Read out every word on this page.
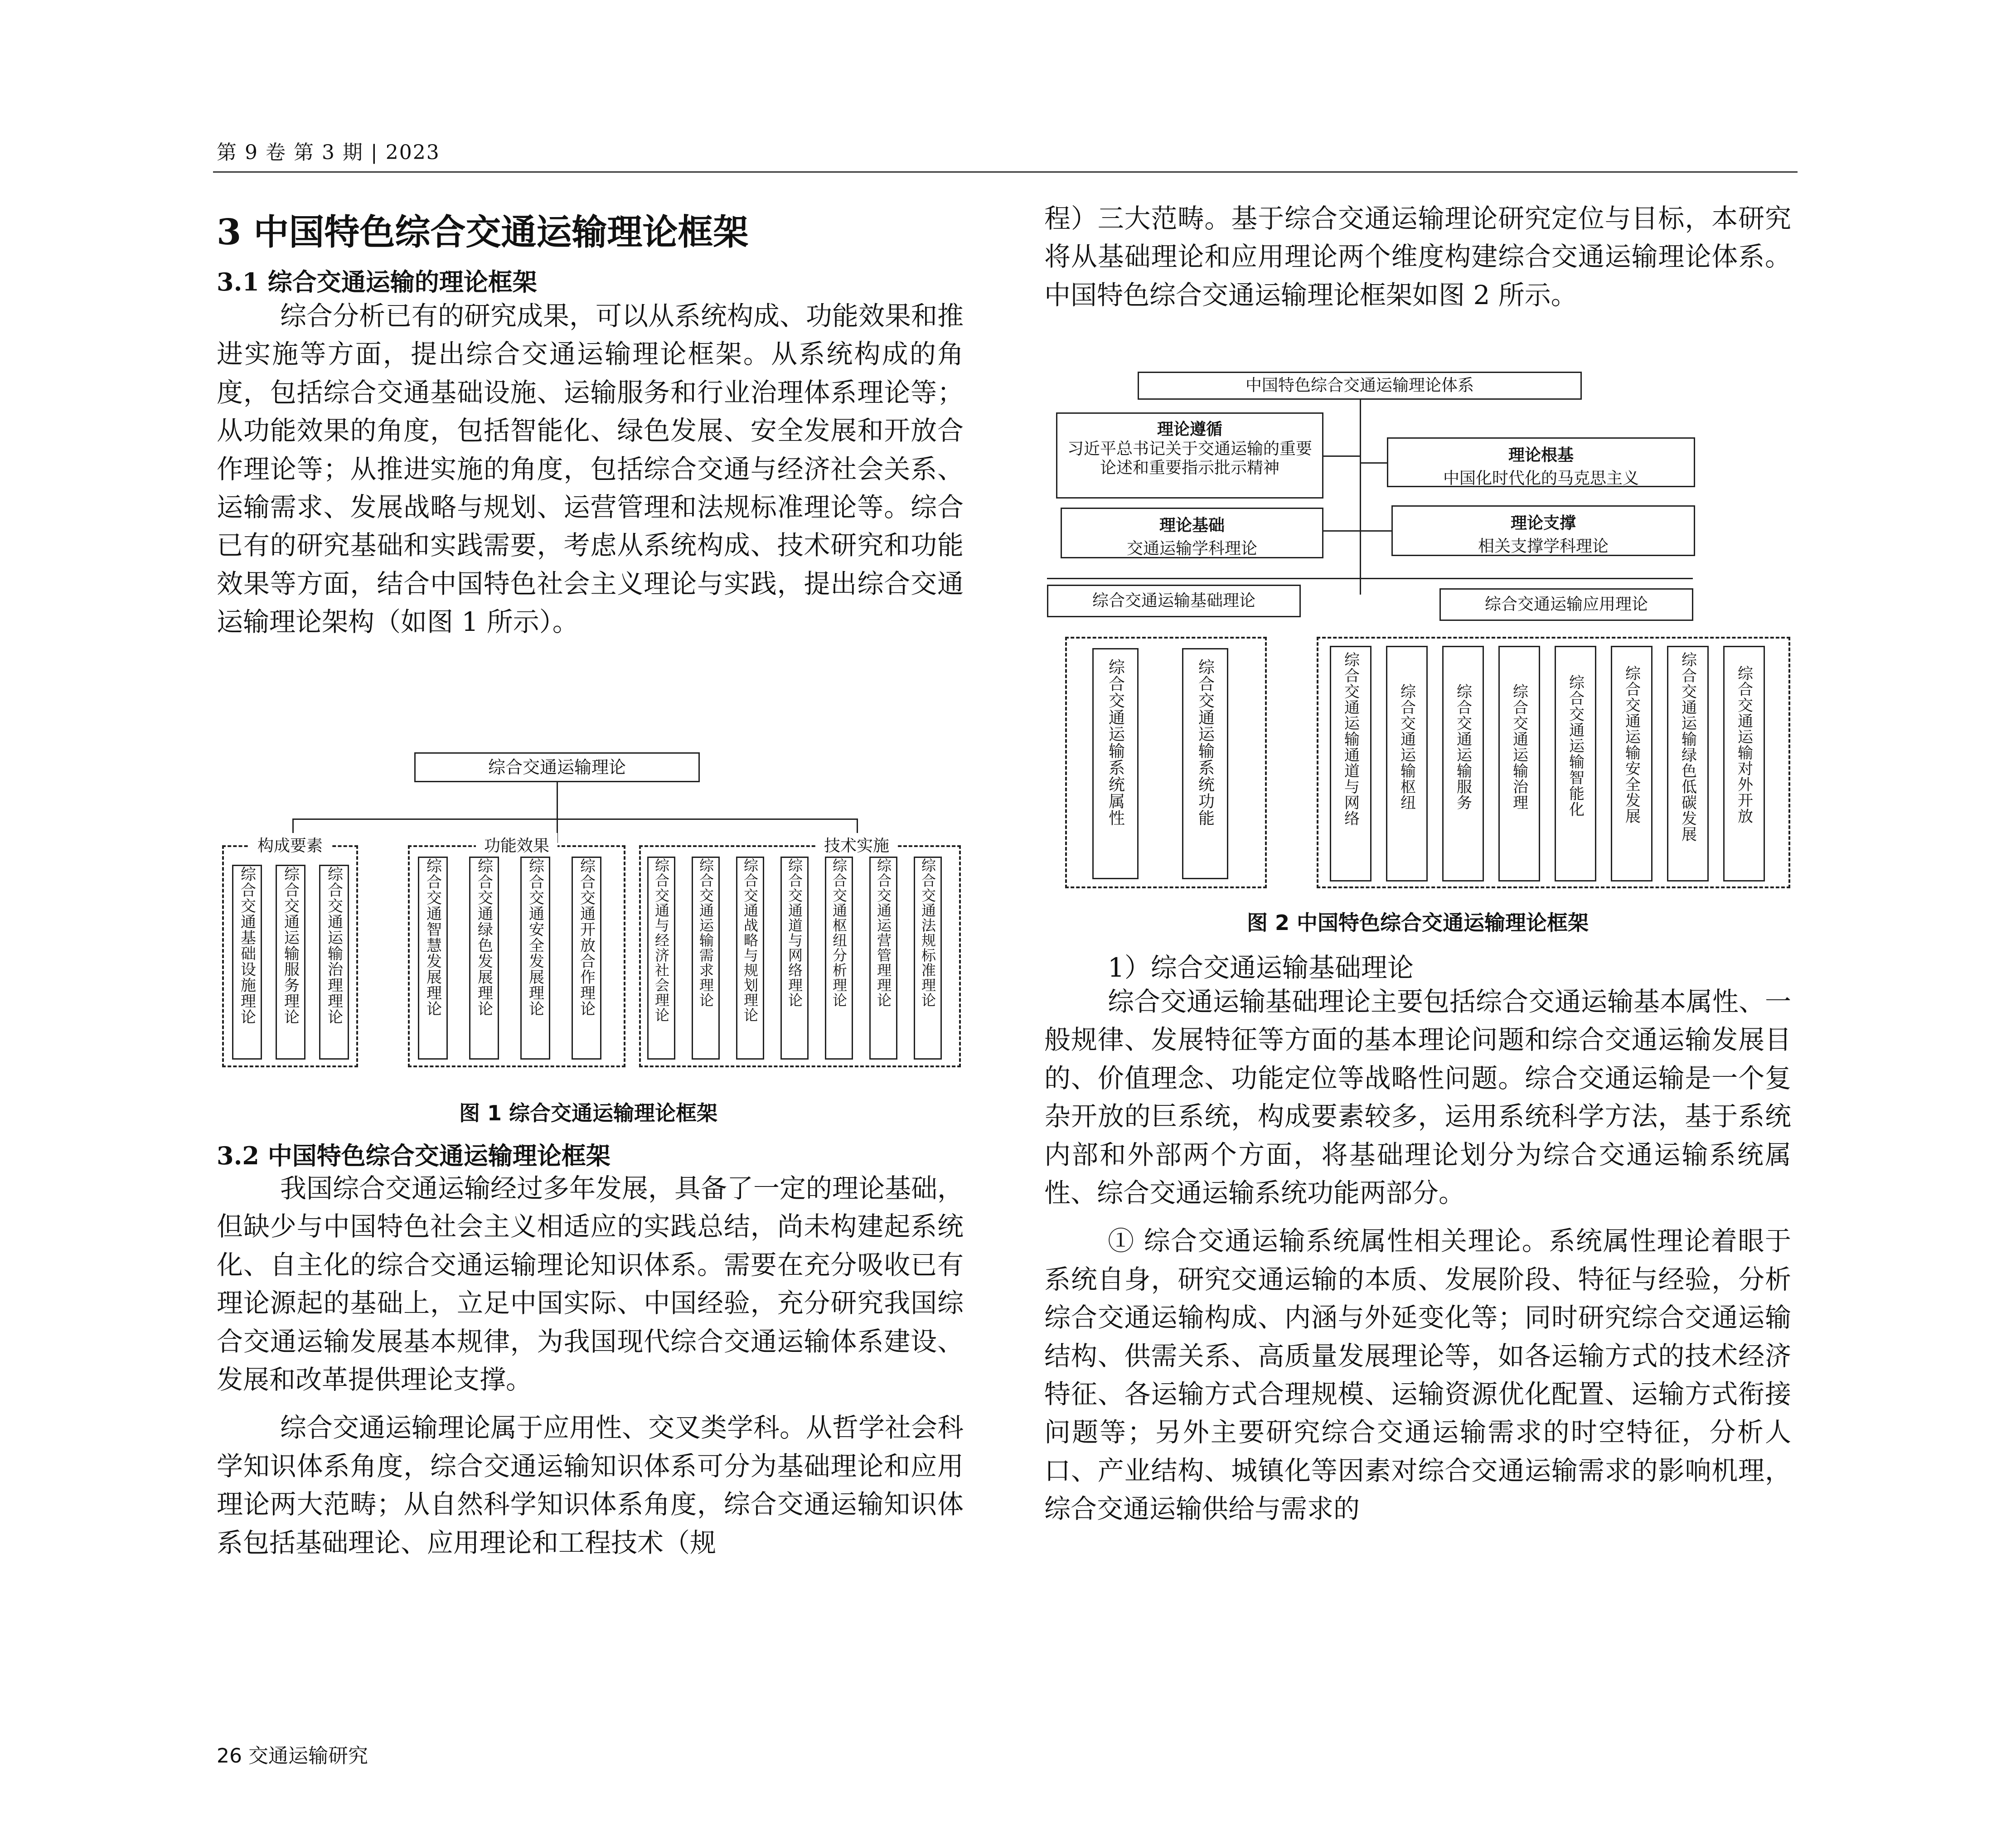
第 9 卷 第 3 期 | 2023
3 中国特色综合交通运输理论框架
3.1 综合交通运输的理论框架

综合分析已有的研究成果，可以从系统构成、功能效果和推进实施等方面，提出综合交通运输理论框架。从系统构成的角度，包括综合交通基础设施、运输服务和行业治理体系理论等；从功能效果的角度，包括智能化、绿色发展、安全发展和开放合作理论等；从推进实施的角度，包括综合交通与经济社会关系、运输需求、发展战略与规划、运营管理和法规标准理论等。综合已有的研究基础和实践需要，考虑从系统构成、技术研究和功能效果等方面，结合中国特色社会主义理论与实践，提出综合交通运输理论架构（如图 1 所示）。

综合交通运输理论
构成要素
综合交通基础设施理论	综合交通运输服务理论	综合交通运输治理理论
功能效果
综合交通智慧发展理论	综合交通绿色发展理论	综合交通安全发展理论	综合交通开放合作理论
技术实施
综合交通与经济社会理论	综合交通运输需求理论	综合交通战略与规划理论	综合交通道与网络理论	综合交通枢纽分析理论	综合交通运营管理理论	综合交通法规标准理论
图 1 综合交通运输理论框架
3.2 中国特色综合交通运输理论框架

我国综合交通运输经过多年发展，具备了一定的理论基础，但缺少与中国特色社会主义相适应的实践总结，尚未构建起系统化、自主化的综合交通运输理论知识体系。需要在充分吸收已有理论源起的基础上，立足中国实际、中国经验，充分研究我国综合交通运输发展基本规律，为我国现代综合交通运输体系建设、发展和改革提供理论支撑。

综合交通运输理论属于应用性、交叉类学科。从哲学社会科学知识体系角度，综合交通运输知识体系可分为基础理论和应用理论两大范畴；从自然科学知识体系角度，综合交通运输知识体系包括基础理论、应用理论和工程技术（规

程）三大范畴。基于综合交通运输理论研究定位与目标，本研究将从基础理论和应用理论两个维度构建综合交通运输理论体系。中国特色综合交通运输理论框架如图 2 所示。

中国特色综合交通运输理论体系
理论遵循
习近平总书记关于交通运输的重要论述和重要指示批示精神
理论根基
中国化时代化的马克思主义
理论基础
交通运输学科理论
理论支撑
相关支撑学科理论
综合交通运输基础理论	综合交通运输应用理论
综合交通运输系统属性	综合交通运输系统功能	综合交通运输通道与网络	综合交通运输枢纽	综合交通运输服务	综合交通运输治理	综合交通运输智能化	综合交通运输安全发展	综合交通运输绿色低碳发展	综合交通运输对外开放
图 2 中国特色综合交通运输理论框架
1）综合交通运输基础理论

综合交通运输基础理论主要包括综合交通运输基本属性、一般规律、发展特征等方面的基本理论问题和综合交通运输发展目的、价值理念、功能定位等战略性问题。综合交通运输是一个复杂开放的巨系统，构成要素较多，运用系统科学方法，基于系统内部和外部两个方面，将基础理论划分为综合交通运输系统属性、综合交通运输系统功能两部分。

① 综合交通运输系统属性相关理论。系统属性理论着眼于系统自身，研究交通运输的本质、发展阶段、特征与经验，分析综合交通运输构成、内涵与外延变化等；同时研究综合交通运输结构、供需关系、高质量发展理论等，如各运输方式的技术经济特征、各运输方式合理规模、运输资源优化配置、运输方式衔接问题等；另外主要研究综合交通运输需求的时空特征，分析人口、产业结构、城镇化等因素对综合交通运输需求的影响机理，综合交通运输供给与需求的

26 交通运输研究
